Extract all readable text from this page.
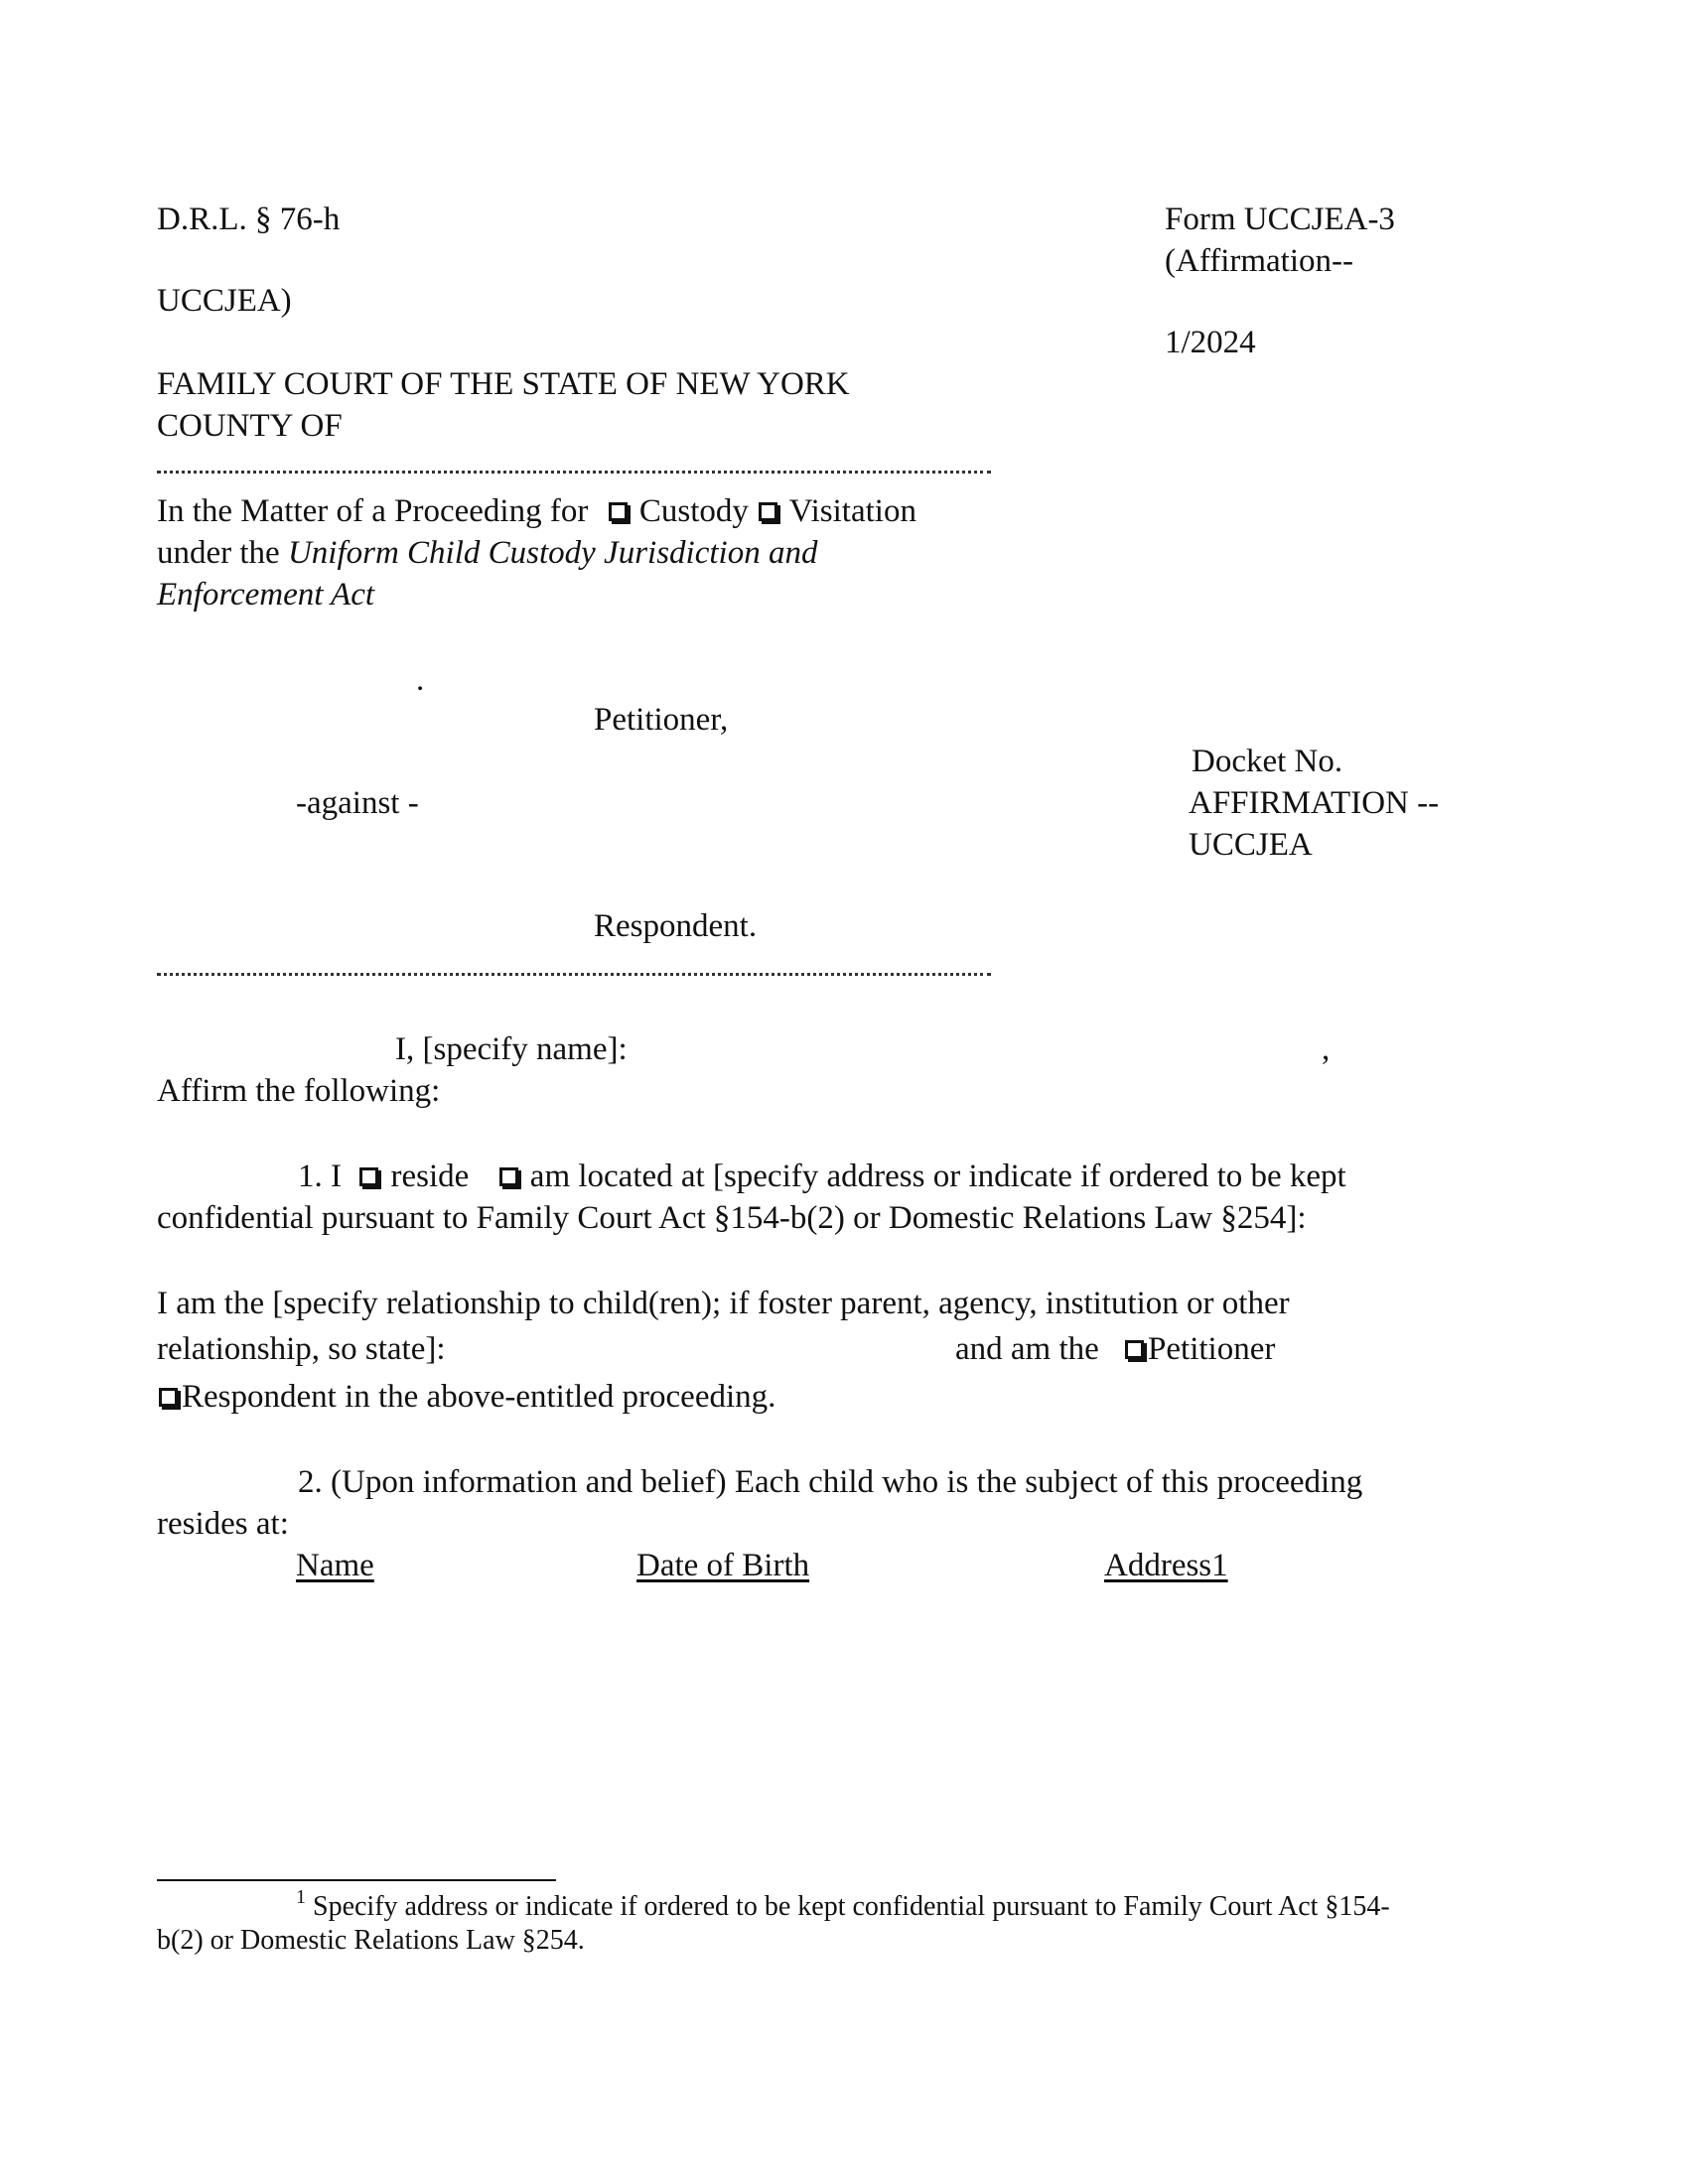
D.R.L. § 76-h
UCCJEA)
Form UCCJEA-3
(Affirmation--
1/2024
FAMILY COURT OF THE STATE OF NEW YORK
COUNTY OF
In the Matter of a Proceeding for Custody Visitation
under the Uniform Child Custody Jurisdiction and
Enforcement Act
.
Petitioner,
Docket No.
-against -	AFFIRMATION --
UCCJEA
Respondent.
I, [specify name]:	,
Affirm the following:
1. I reside am located at [specify address or indicate if ordered to be kept
confidential pursuant to Family Court Act §154-b(2) or Domestic Relations Law §254]:
I am the [specify relationship to child(ren); if foster parent, agency, institution or other
relationship, so state]:	and am the Petitioner
Respondent in the above-entitled proceeding.
2. (Upon information and belief) Each child who is the subject of this proceeding
resides at:
Name	Date of Birth	Address1
$^1$ Specify address or indicate if ordered to be kept confidential pursuant to Family Court Act §154-
b(2) or Domestic Relations Law §254.
